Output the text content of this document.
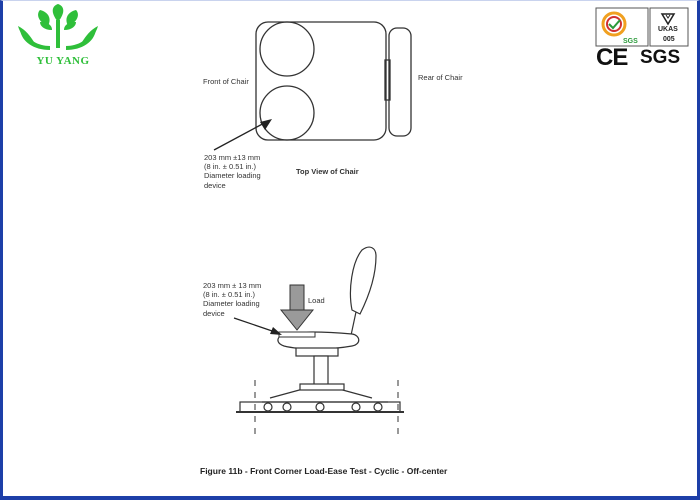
YU YANG
SGS
UKAS
005
CE SGS
Front of Chair	Rear of Chair
Top View of Chair
203 mm ±13 mm
(8 in. ± 0.51 in.)
Diameter loading
device
203 mm ± 13 mm
(8 in. ± 0.51 in.)
Diameter loading
device
Load
Figure 11b - Front Corner Load-Ease Test - Cyclic - Off-center
